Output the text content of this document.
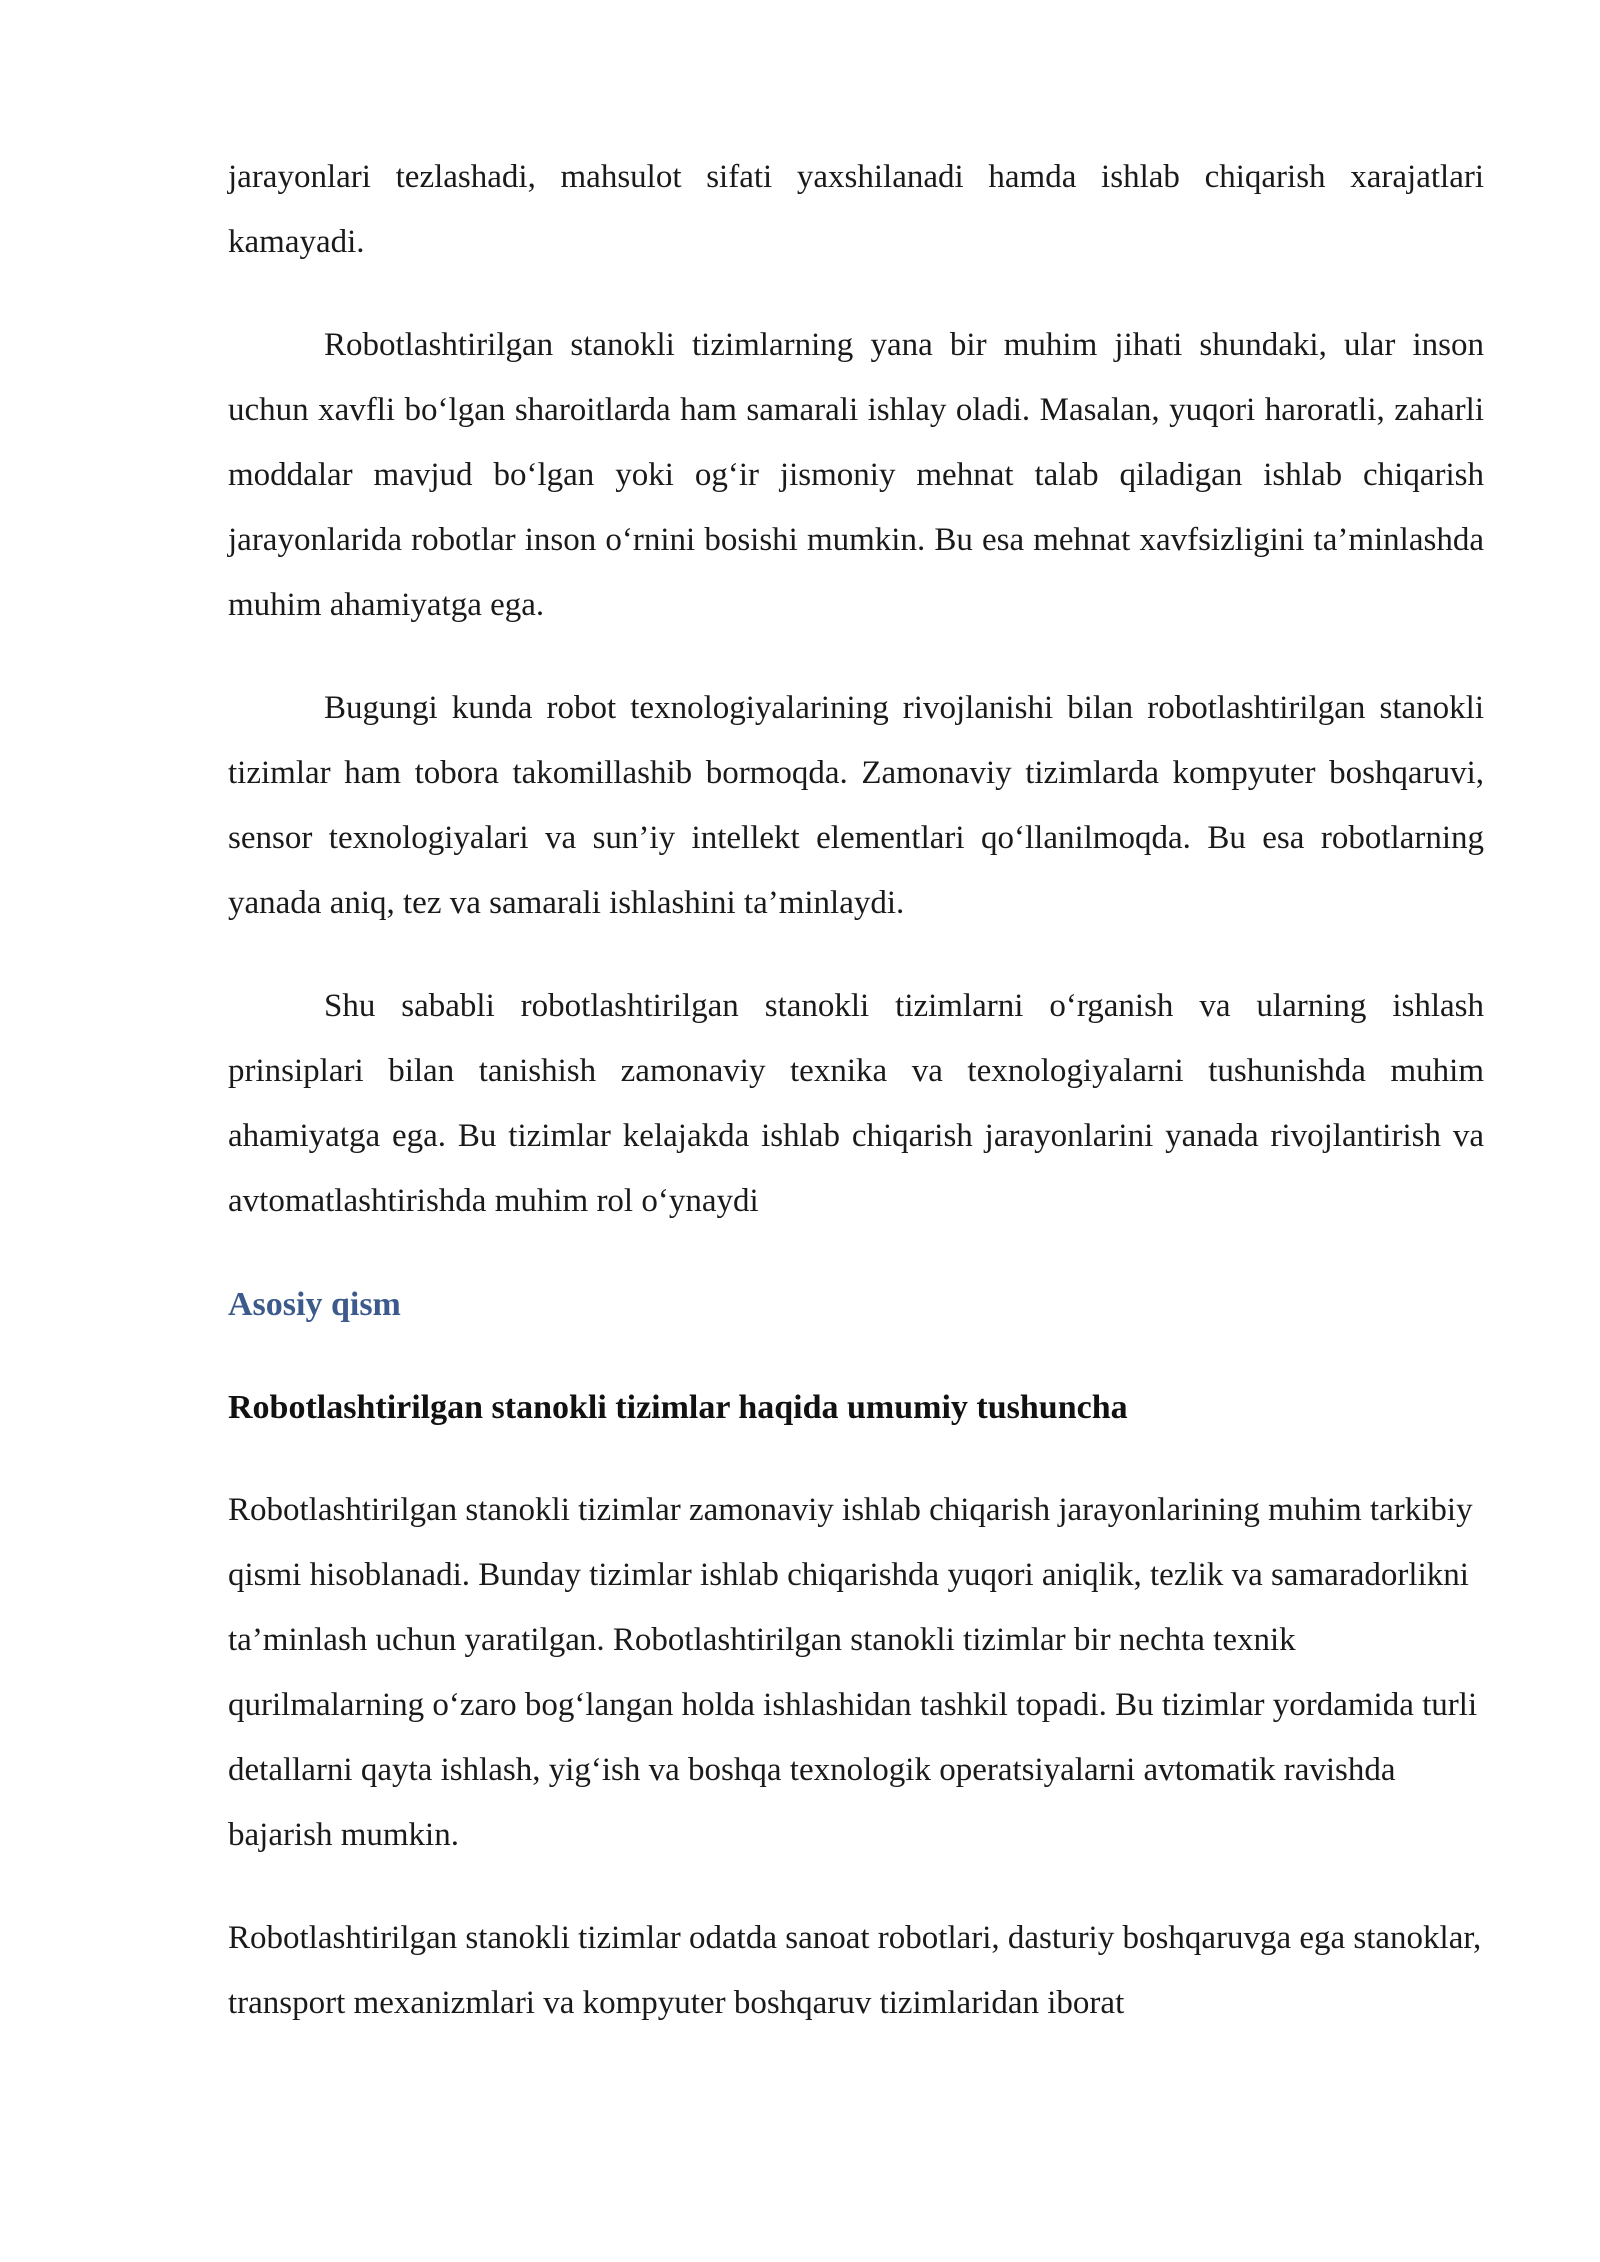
jarayonlari tezlashadi, mahsulot sifati yaxshilanadi hamda ishlab chiqarish xarajatlari kamayadi.

Robotlashtirilgan stanokli tizimlarning yana bir muhim jihati shundaki, ular inson uchun xavfli bo‘lgan sharoitlarda ham samarali ishlay oladi. Masalan, yuqori haroratli, zaharli moddalar mavjud bo‘lgan yoki og‘ir jismoniy mehnat talab qiladigan ishlab chiqarish jarayonlarida robotlar inson o‘rnini bosishi mumkin. Bu esa mehnat xavfsizligini ta’minlashda muhim ahamiyatga ega.

Bugungi kunda robot texnologiyalarining rivojlanishi bilan robotlashtirilgan stanokli tizimlar ham tobora takomillashib bormoqda. Zamonaviy tizimlarda kompyuter boshqaruvi, sensor texnologiyalari va sun’iy intellekt elementlari qo‘llanilmoqda. Bu esa robotlarning yanada aniq, tez va samarali ishlashini ta’minlaydi.

Shu sababli robotlashtirilgan stanokli tizimlarni o‘rganish va ularning ishlash prinsiplari bilan tanishish zamonaviy texnika va texnologiyalarni tushunishda muhim ahamiyatga ega. Bu tizimlar kelajakda ishlab chiqarish jarayonlarini yanada rivojlantirish va avtomatlashtirishda muhim rol o‘ynaydi

Asosiy qism
Robotlashtirilgan stanokli tizimlar haqida umumiy tushuncha

Robotlashtirilgan stanokli tizimlar zamonaviy ishlab chiqarish jarayonlarining muhim tarkibiy qismi hisoblanadi. Bunday tizimlar ishlab chiqarishda yuqori aniqlik, tezlik va samaradorlikni ta’minlash uchun yaratilgan. Robotlashtirilgan stanokli tizimlar bir nechta texnik qurilmalarning o‘zaro bog‘langan holda ishlashidan tashkil topadi. Bu tizimlar yordamida turli detallarni qayta ishlash, yig‘ish va boshqa texnologik operatsiyalarni avtomatik ravishda bajarish mumkin.

Robotlashtirilgan stanokli tizimlar odatda sanoat robotlari, dasturiy boshqaruvga ega stanoklar, transport mexanizmlari va kompyuter boshqaruv tizimlaridan iborat
